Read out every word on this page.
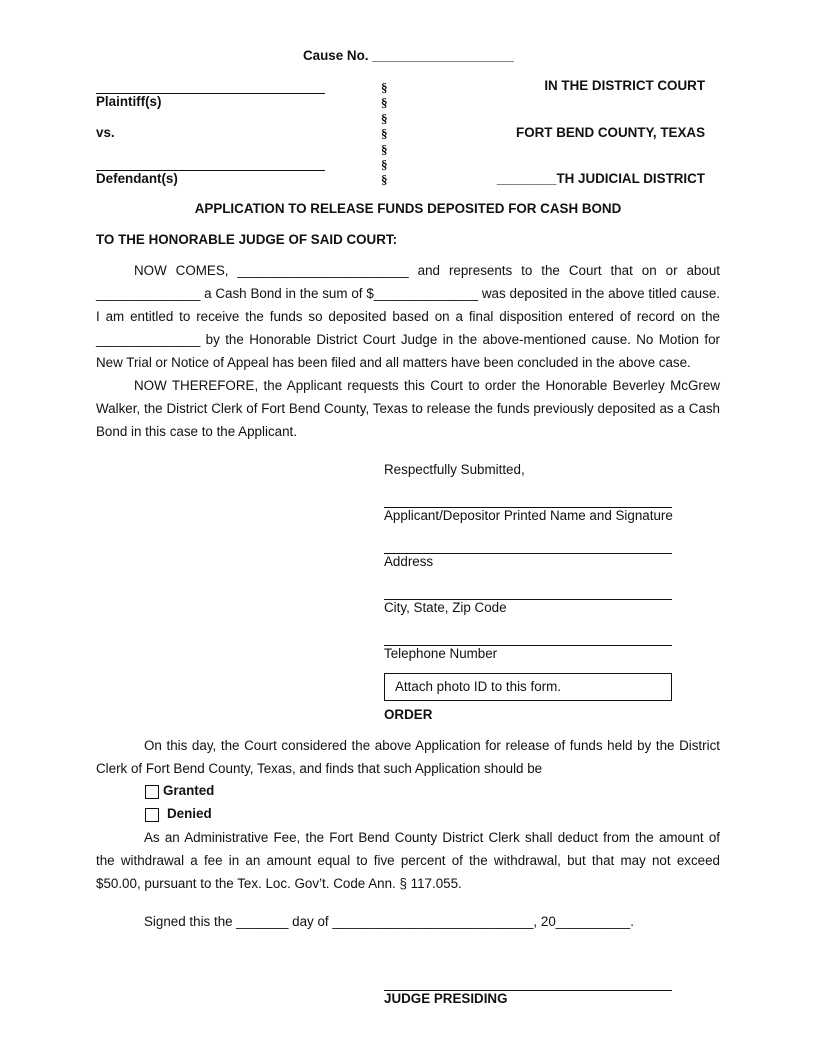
Cause No. ___________________
Plaintiff(s)
vs.
Defendant(s)
§
§
§
§
§
§
§
IN THE DISTRICT COURT
FORT BEND COUNTY, TEXAS
________TH JUDICIAL DISTRICT
APPLICATION TO RELEASE FUNDS DEPOSITED FOR CASH BOND
TO THE HONORABLE JUDGE OF SAID COURT:

NOW COMES, _______________________ and represents to the Court that on or about ______________ a Cash Bond in the sum of $______________ was deposited in the above titled cause. I am entitled to receive the funds so deposited based on a final disposition entered of record on the ______________ by the Honorable District Court Judge in the above-mentioned cause. No Motion for New Trial or Notice of Appeal has been filed and all matters have been concluded in the above case.

NOW THEREFORE, the Applicant requests this Court to order the Honorable Beverley McGrew Walker, the District Clerk of Fort Bend County, Texas to release the funds previously deposited as a Cash Bond in this case to the Applicant.

Respectfully Submitted,
Applicant/Depositor Printed Name and Signature
Address
City, State, Zip Code
Telephone Number
Attach photo ID to this form.
ORDER

On this day, the Court considered the above Application for release of funds held by the District Clerk of Fort Bend County, Texas, and finds that such Application should be

Granted
Denied

As an Administrative Fee, the Fort Bend County District Clerk shall deduct from the amount of the withdrawal a fee in an amount equal to five percent of the withdrawal, but that may not exceed $50.00, pursuant to the Tex. Loc. Gov’t. Code Ann. § 117.055.

Signed this the _______ day of ___________________________, 20__________.
JUDGE PRESIDING
